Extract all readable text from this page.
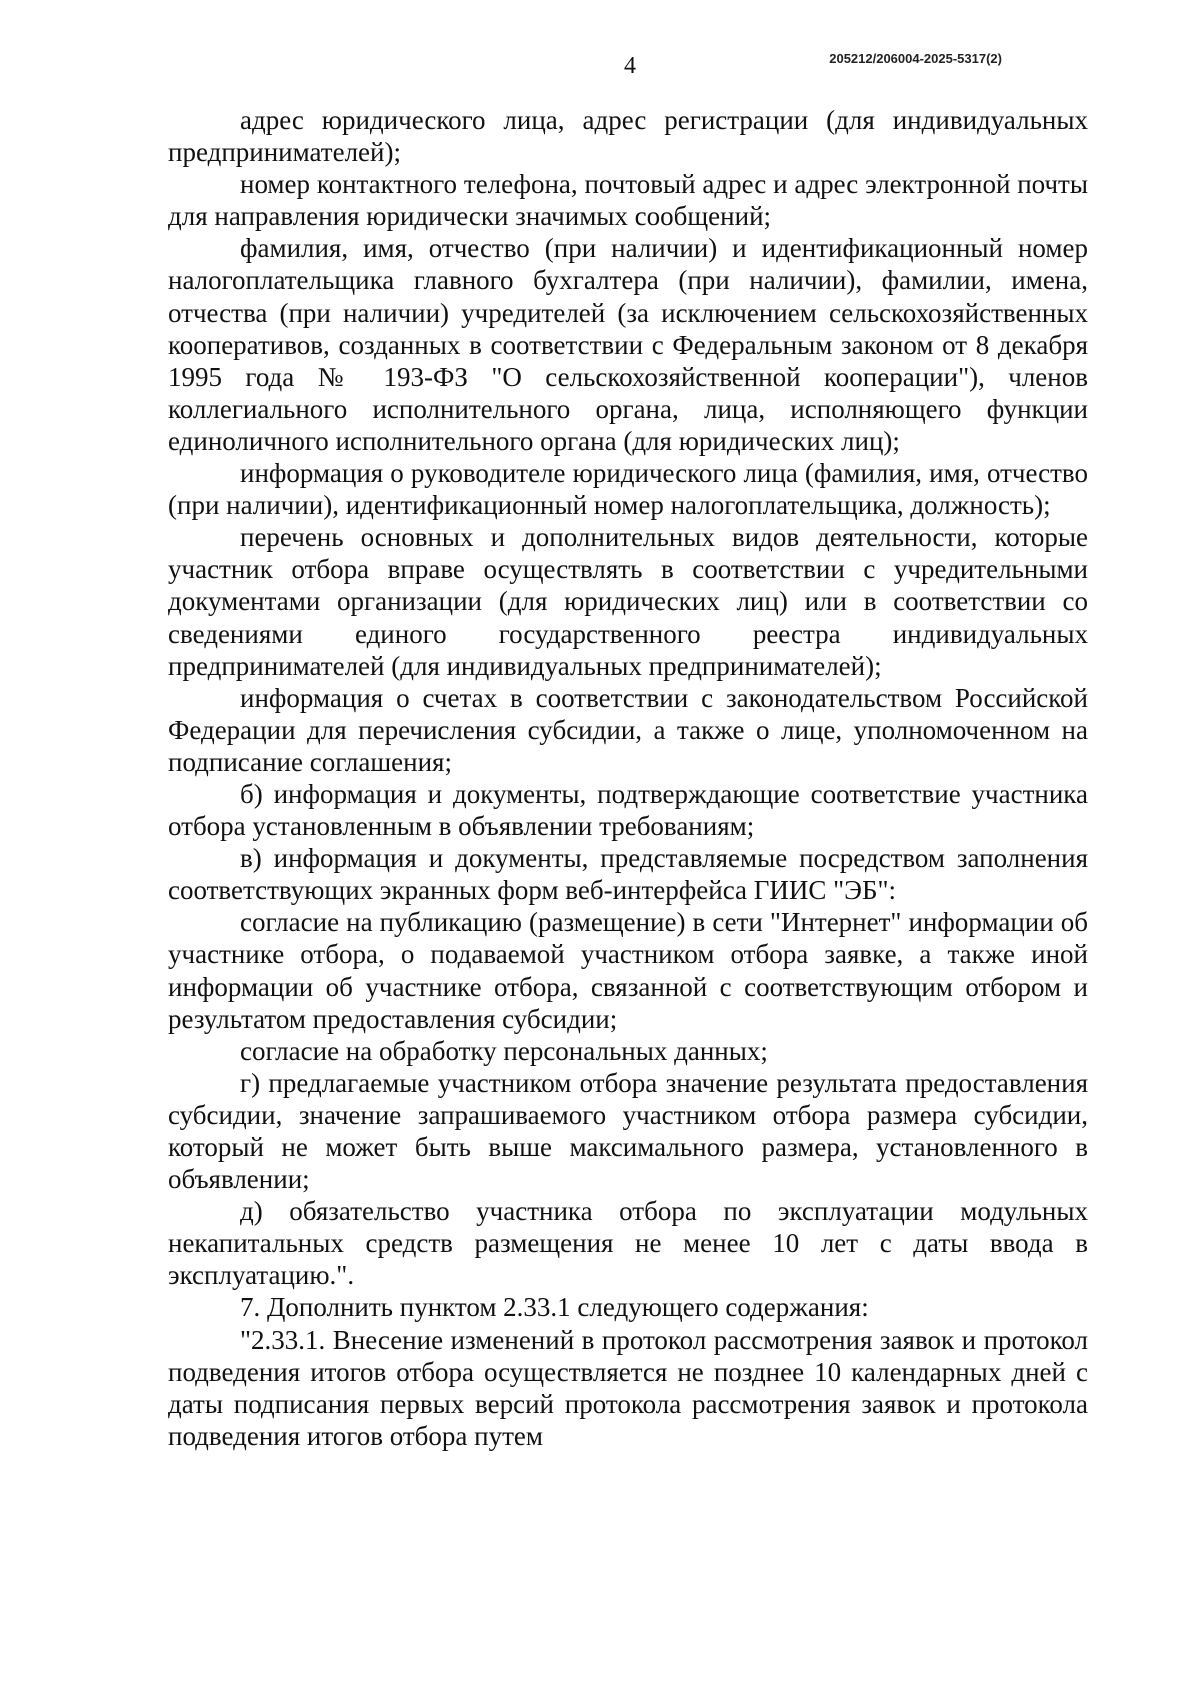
4	205212/206004-2025-5317(2)

адрес юридического лица, адрес регистрации (для индивидуальных предпринимателей);

номер контактного телефона, почтовый адрес и адрес электронной почты для направления юридически значимых сообщений;

фамилия, имя, отчество (при наличии) и идентификационный номер налогоплательщика главного бухгалтера (при наличии), фамилии, имена, отчества (при наличии) учредителей (за исключением сельскохозяйственных кооперативов, созданных в соответствии с Федеральным законом от 8 декабря 1995 года № 193-ФЗ "О сельскохозяйственной кооперации"), членов коллегиального исполнительного органа, лица, исполняющего функции единоличного исполнительного органа (для юридических лиц);

информация о руководителе юридического лица (фамилия, имя, отчество (при наличии), идентификационный номер налогоплательщика, должность);

перечень основных и дополнительных видов деятельности, которые участник отбора вправе осуществлять в соответствии с учредительными документами организации (для юридических лиц) или в соответствии со сведениями единого государственного реестра индивидуальных предпринимателей (для индивидуальных предпринимателей);

информация о счетах в соответствии с законодательством Российской Федерации для перечисления субсидии, а также о лице, уполномоченном на подписание соглашения;

б) информация и документы, подтверждающие соответствие участника отбора установленным в объявлении требованиям;

в) информация и документы, представляемые посредством заполнения соответствующих экранных форм веб-интерфейса ГИИС "ЭБ":

согласие на публикацию (размещение) в сети "Интернет" информации об участнике отбора, о подаваемой участником отбора заявке, а также иной информации об участнике отбора, связанной с соответствующим отбором и результатом предоставления субсидии;

согласие на обработку персональных данных;

г) предлагаемые участником отбора значение результата предоставления субсидии, значение запрашиваемого участником отбора размера субсидии, который не может быть выше максимального размера, установленного в объявлении;

д) обязательство участника отбора по эксплуатации модульных некапитальных средств размещения не менее 10 лет с даты ввода в эксплуатацию.".

7. Дополнить пунктом 2.33.1 следующего содержания:

"2.33.1. Внесение изменений в протокол рассмотрения заявок и протокол подведения итогов отбора осуществляется не позднее 10 календарных дней с даты подписания первых версий протокола рассмотрения заявок и протокола подведения итогов отбора путем
